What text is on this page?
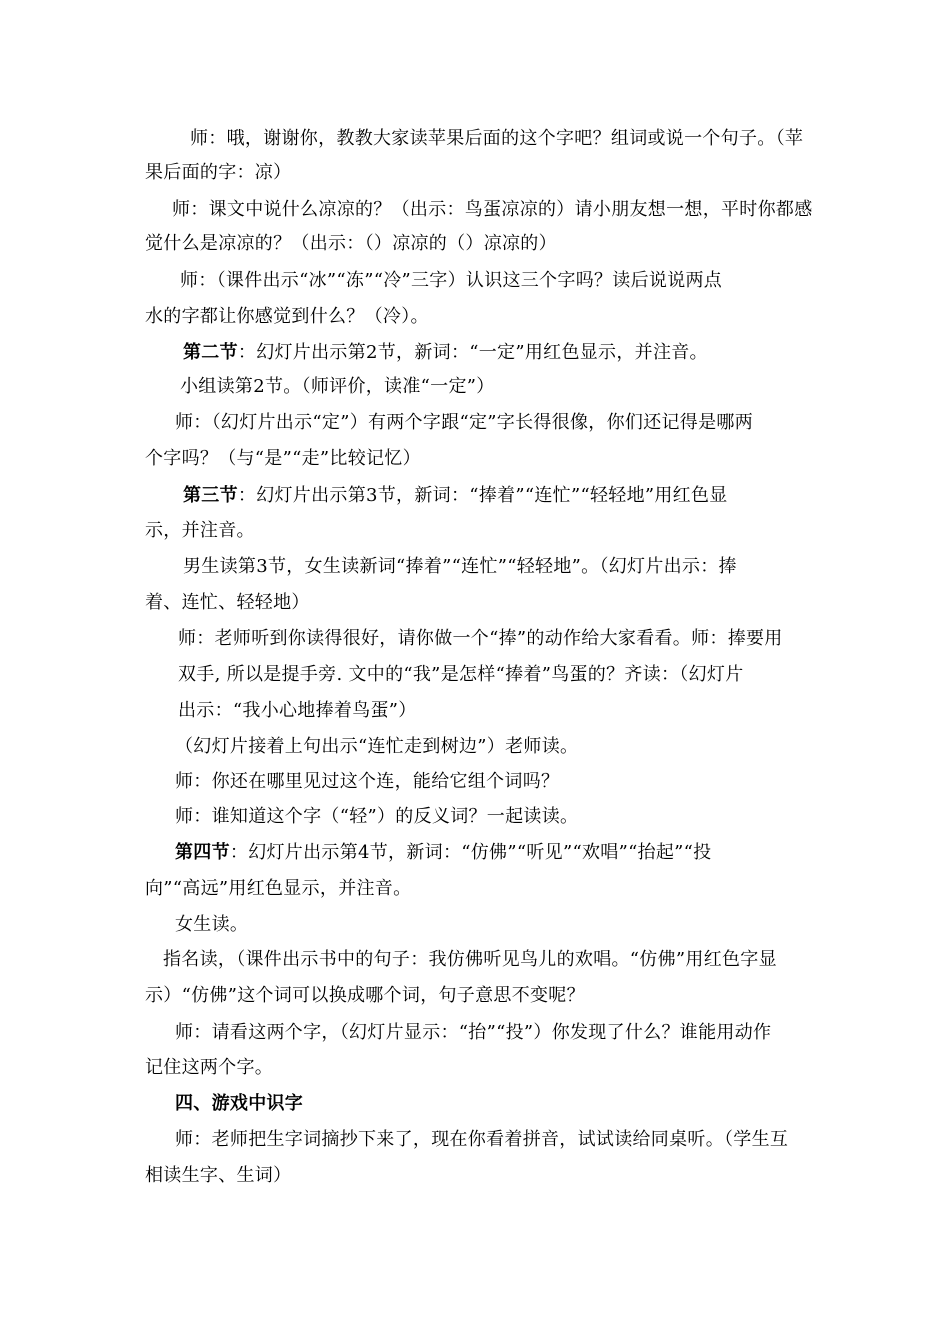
师：哦，谢谢你，教教大家读苹果后面的这个字吧？组词或说一个句子。（苹
果后面的字：凉）
师：课文中说什么凉凉的？（出示：鸟蛋凉凉的）请小朋友想一想，平时你都感
觉什么是凉凉的？（出示：（）凉凉的（）凉凉的）
师：（课件出示“冰”“冻”“冷”三字）认识这三个字吗？读后说说两点
水的字都让你感觉到什么？（冷）。
第二节：幻灯片出示第2节，新词：“一定”用红色显示，并注音。
小组读第2节。（师评价，读准“一定”）
师：（幻灯片出示“定”）有两个字跟“定”字长得很像，你们还记得是哪两
个字吗？（与“是”“走”比较记忆）
第三节：幻灯片出示第3节，新词：“捧着”“连忙”“轻轻地”用红色显
示，并注音。
男生读第3节，女生读新词“捧着”“连忙”“轻轻地”。（幻灯片出示：捧
着、连忙、轻轻地）
师：老师听到你读得很好，请你做一个“捧”的动作给大家看看。师：捧要用
双手, 所以是提手旁. 文中的“我”是怎样“捧着”鸟蛋的？齐读：（幻灯片
出示：“我小心地捧着鸟蛋”）
（幻灯片接着上句出示“连忙走到树边”）老师读。
师：你还在哪里见过这个连，能给它组个词吗？
师：谁知道这个字（“轻”）的反义词？一起读读。
第四节：幻灯片出示第4节，新词：“仿佛”“听见”“欢唱”“抬起”“投
向”“高远”用红色显示，并注音。
女生读。
指名读，（课件出示书中的句子：我仿佛听见鸟儿的欢唱。“仿佛”用红色字显
示）“仿佛”这个词可以换成哪个词，句子意思不变呢？
师：请看这两个字，（幻灯片显示：“抬”“投”）你发现了什么？谁能用动作
记住这两个字。
四、游戏中识字
师：老师把生字词摘抄下来了，现在你看着拼音，试试读给同桌听。（学生互
相读生字、生词）
